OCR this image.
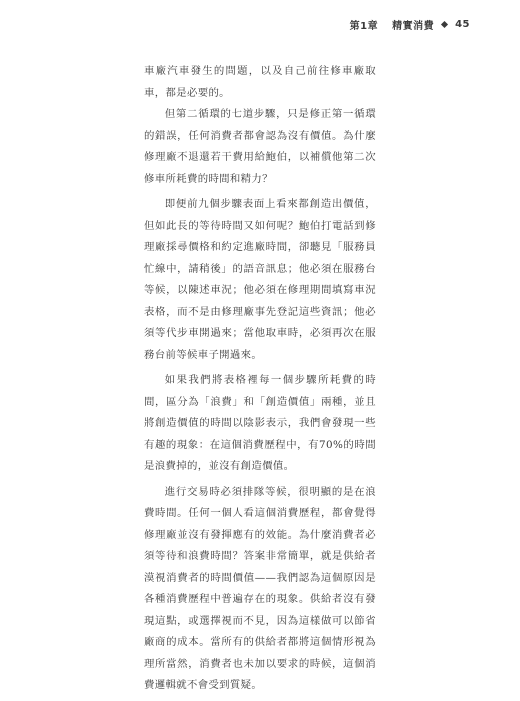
第1章 精實消費 45

車廠汽車發生的問題，以及自己前往修車廠取車，都是必要的。

但第二循環的七道步驟，只是修正第一循環的錯誤，任何消費者都會認為沒有價值。為什麼修理廠不退還若干費用給鮑伯，以補償他第二次修車所耗費的時間和精力？

即便前九個步驟表面上看來都創造出價值，但如此長的等待時間又如何呢？鮑伯打電話到修理廠採尋價格和約定進廠時間，卻聽見「服務員忙線中，請稍後」的語音訊息；他必須在服務台等候，以陳述車況；他必須在修理期間填寫車況表格，而不是由修理廠事先登記這些資訊；他必須等代步車開過來；當他取車時，必須再次在服務台前等候車子開過來。

如果我們將表格裡每一個步驟所耗費的時間，區分為「浪費」和「創造價值」兩種，並且將創造價值的時間以陰影表示，我們會發現一些有趣的現象：在這個消費歷程中，有70%的時間是浪費掉的，並沒有創造價值。

進行交易時必須排隊等候，很明顯的是在浪費時間。任何一個人看這個消費歷程，都會覺得修理廠並沒有發揮應有的效能。為什麼消費者必須等待和浪費時間？答案非常簡單，就是供給者漠視消費者的時間價值——我們認為這個原因是各種消費歷程中普遍存在的現象。供給者沒有發現這點，或選擇視而不見，因為這樣做可以節省廠商的成本。當所有的供給者都將這個情形視為理所當然，消費者也未加以要求的時候，這個消費邏輯就不會受到質疑。
